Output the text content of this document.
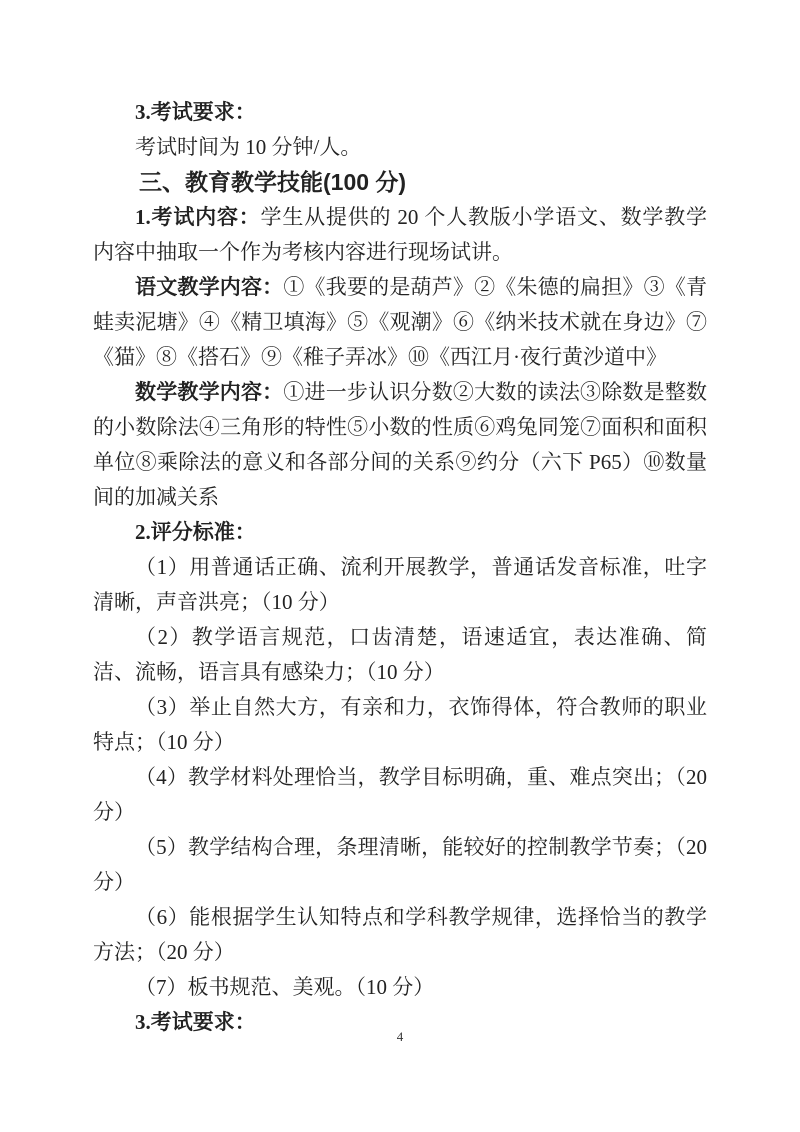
3.考试要求：

考试时间为 10 分钟/人。

三、教育教学技能(100 分)

1.考试内容：学生从提供的 20 个人教版小学语文、数学教学内容中抽取一个作为考核内容进行现场试讲。

语文教学内容：①《我要的是葫芦》②《朱德的扁担》③《青蛙卖泥塘》④《精卫填海》⑤《观潮》⑥《纳米技术就在身边》⑦《猫》⑧《搭石》⑨《稚子弄冰》⑩《西江月·夜行黄沙道中》

数学教学内容：①进一步认识分数②大数的读法③除数是整数的小数除法④三角形的特性⑤小数的性质⑥鸡兔同笼⑦面积和面积单位⑧乘除法的意义和各部分间的关系⑨约分（六下 P65）⑩数量间的加减关系

2.评分标准：

（1）用普通话正确、流利开展教学，普通话发音标准，吐字清晰，声音洪亮；（10 分）

（2）教学语言规范，口齿清楚，语速适宜，表达准确、简洁、流畅，语言具有感染力；（10 分）

（3）举止自然大方，有亲和力，衣饰得体，符合教师的职业特点；（10 分）

（4）教学材料处理恰当，教学目标明确，重、难点突出；（20 分）

（5）教学结构合理，条理清晰，能较好的控制教学节奏；（20 分）

（6）能根据学生认知特点和学科教学规律，选择恰当的教学方法；（20 分）

（7）板书规范、美观。（10 分）

3.考试要求：

4
